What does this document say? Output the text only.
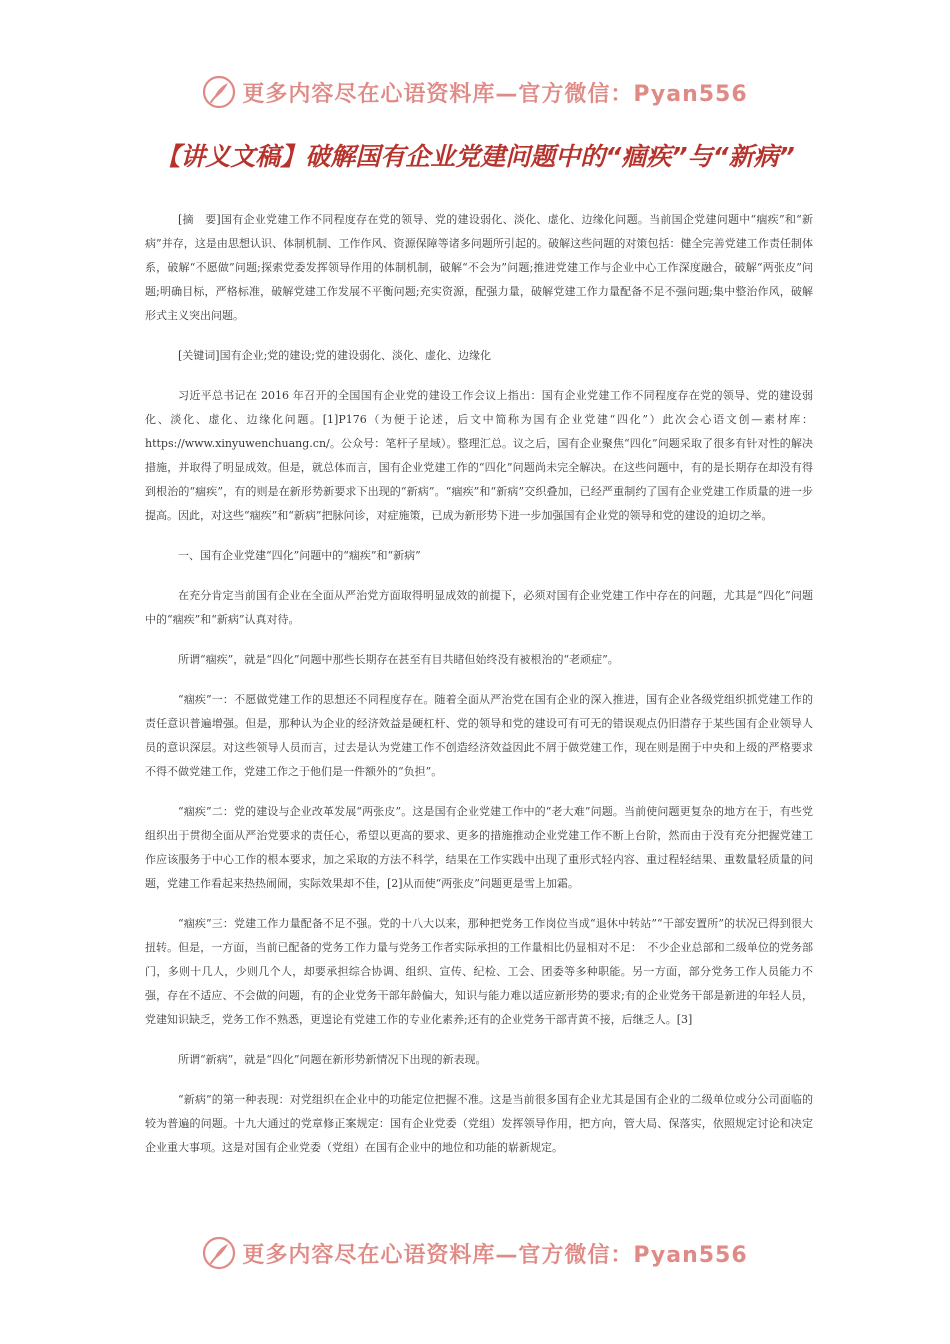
更多内容尽在心语资料库—官方微信：Pyan556
【讲义文稿】破解国有企业党建问题中的“痼疾”与“新病”

[摘　要]国有企业党建工作不同程度存在党的领导、党的建设弱化、淡化、虚化、边缘化问题。当前国企党建问题中“痼疾”和“新病”并存，这是由思想认识、体制机制、工作作风、资源保障等诸多问题所引起的。破解这些问题的对策包括：健全完善党建工作责任制体系，破解“不愿做”问题;探索党委发挥领导作用的体制机制，破解“不会为”问题;推进党建工作与企业中心工作深度融合，破解“两张皮”问题;明确目标，严格标准，破解党建工作发展不平衡问题;充实资源，配强力量，破解党建工作力量配备不足不强问题;集中整治作风，破解形式主义突出问题。

[关键词]国有企业;党的建设;党的建设弱化、淡化、虚化、边缘化

习近平总书记在 2016 年召开的全国国有企业党的建设工作会议上指出：国有企业党建工作不同程度存在党的领导、党的建设弱化、淡化、虚化、边缘化问题。[1]P176（为便于论述，后文中简称为国有企业党建“四化”）此次会心语文创—素材库：https://www.xinyuwenchuang.cn/。公众号：笔杆子星域）。整理汇总。议之后，国有企业聚焦“四化”问题采取了很多有针对性的解决措施，并取得了明显成效。但是，就总体而言，国有企业党建工作的“四化”问题尚未完全解决。在这些问题中，有的是长期存在却没有得到根治的“痼疾”，有的则是在新形势新要求下出现的“新病”。“痼疾”和“新病”交织叠加，已经严重制约了国有企业党建工作质量的进一步提高。因此，对这些“痼疾”和“新病”把脉问诊，对症施策，已成为新形势下进一步加强国有企业党的领导和党的建设的迫切之举。

一、国有企业党建“四化”问题中的“痼疾”和“新病”

在充分肯定当前国有企业在全面从严治党方面取得明显成效的前提下，必须对国有企业党建工作中存在的问题，尤其是“四化”问题中的“痼疾”和“新病”认真对待。

所谓“痼疾”，就是“四化”问题中那些长期存在甚至有目共睹但始终没有被根治的“老顽症”。

“痼疾”一：不愿做党建工作的思想还不同程度存在。随着全面从严治党在国有企业的深入推进，国有企业各级党组织抓党建工作的责任意识普遍增强。但是，那种认为企业的经济效益是硬杠杆、党的领导和党的建设可有可无的错误观点仍旧潜存于某些国有企业领导人员的意识深层。对这些领导人员而言，过去是认为党建工作不创造经济效益因此不屑于做党建工作，现在则是囿于中央和上级的严格要求不得不做党建工作，党建工作之于他们是一件额外的“负担”。

“痼疾”二：党的建设与企业改革发展“两张皮”。这是国有企业党建工作中的“老大难”问题。当前使问题更复杂的地方在于，有些党组织出于贯彻全面从严治党要求的责任心，希望以更高的要求、更多的措施推动企业党建工作不断上台阶，然而由于没有充分把握党建工作应该服务于中心工作的根本要求，加之采取的方法不科学，结果在工作实践中出现了重形式轻内容、重过程轻结果、重数量轻质量的问题，党建工作看起来热热闹闹，实际效果却不佳，[2]从而使“两张皮”问题更是雪上加霜。

“痼疾”三：党建工作力量配备不足不强。党的十八大以来，那种把党务工作岗位当成“退休中转站”“干部安置所”的状况已得到很大扭转。但是，一方面，当前已配备的党务工作力量与党务工作者实际承担的工作量相比仍显相对不足：　不少企业总部和二级单位的党务部门，多则十几人，少则几个人，却要承担综合协调、组织、宣传、纪检、工会、团委等多种职能。另一方面，部分党务工作人员能力不强，存在不适应、不会做的问题，有的企业党务干部年龄偏大，知识与能力难以适应新形势的要求;有的企业党务干部是新进的年轻人员，党建知识缺乏，党务工作不熟悉，更遑论有党建工作的专业化素养;还有的企业党务干部青黄不接，后继乏人。[3]

所谓“新病”，就是“四化”问题在新形势新情况下出现的新表现。

“新病”的第一种表现：对党组织在企业中的功能定位把握不准。这是当前很多国有企业尤其是国有企业的二级单位或分公司面临的较为普遍的问题。十九大通过的党章修正案规定：国有企业党委（党组）发挥领导作用，把方向，管大局、保落实，依照规定讨论和决定企业重大事项。这是对国有企业党委（党组）在国有企业中的地位和功能的崭新规定。

更多内容尽在心语资料库—官方微信：Pyan556
